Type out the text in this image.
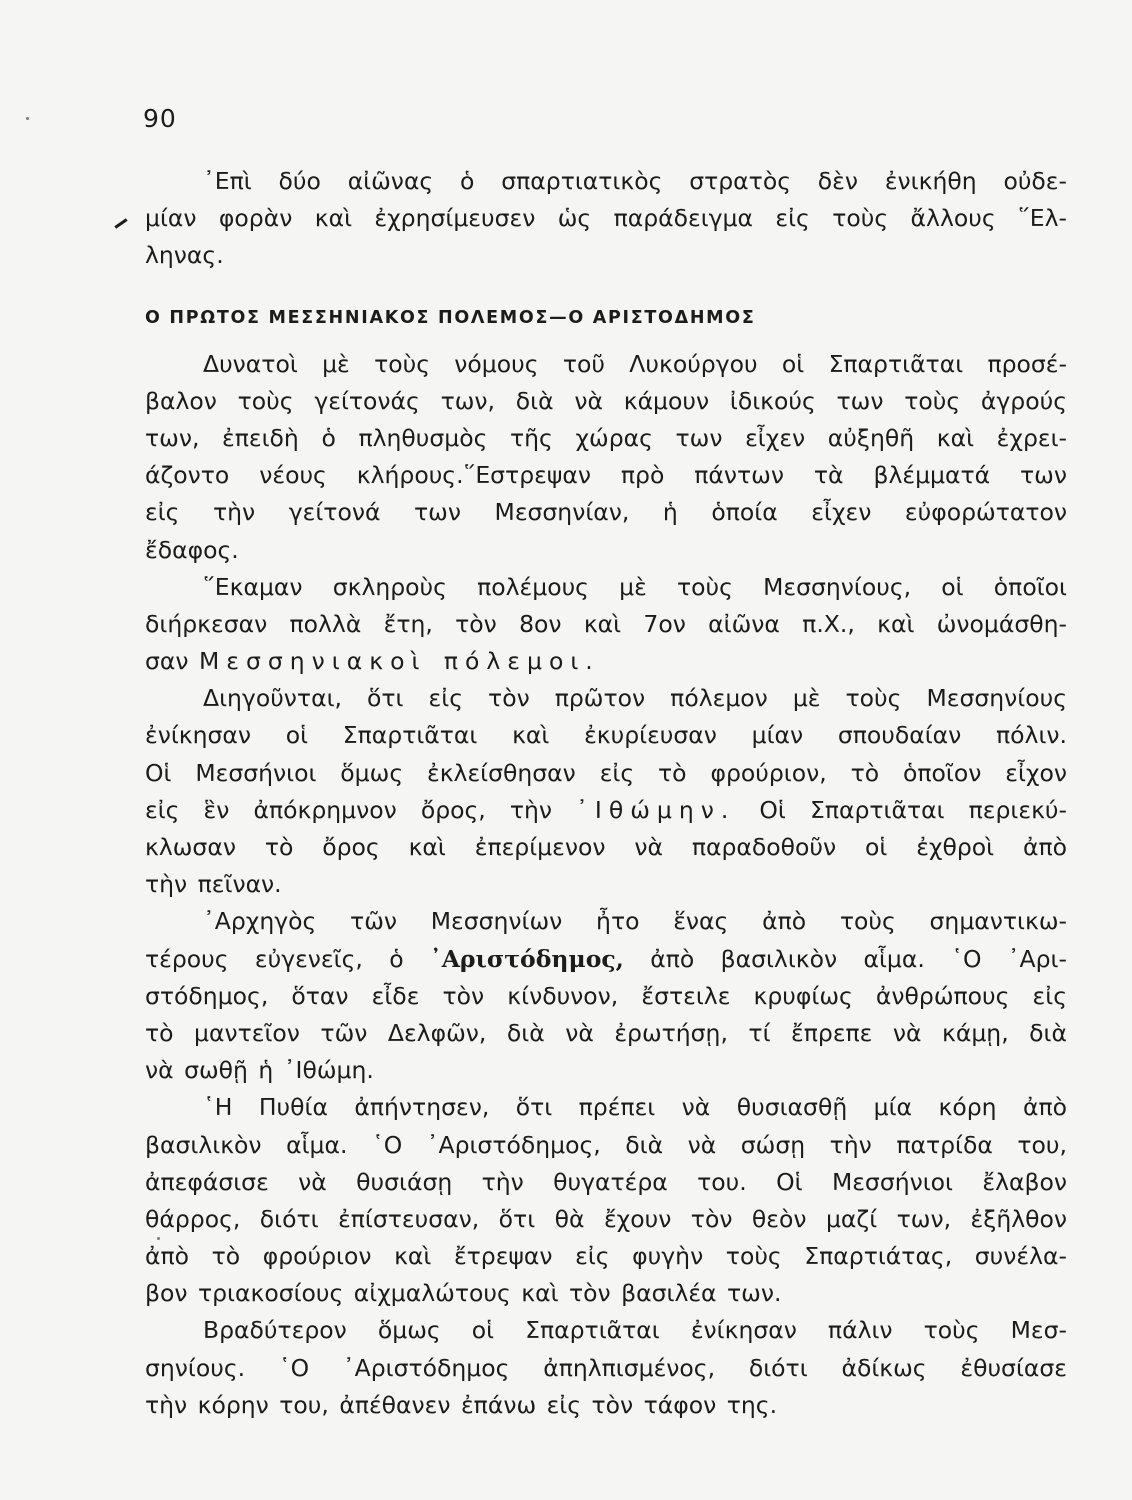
90
᾽Επὶ δύο αἰῶνας ὁ σπαρτιατικὸς στρατὸς δὲν ἐνικήθη οὐδε-
μίαν φορὰν καὶ ἐχρησίμευσεν ὡς παράδειγμα εἰς τοὺς ἄλλους ῞Ελ-
ληνας.
Ο ΠΡΩΤΟΣ ΜΕΣΣΗΝΙΑΚΟΣ ΠΟΛΕΜΟΣ—Ο ΑΡΙΣΤΟΔΗΜΟΣ
Δυνατοὶ μὲ τοὺς νόμους τοῦ Λυκούργου οἱ Σπαρτιᾶται προσέ-
βαλον τοὺς γείτονάς των, διὰ νὰ κάμουν ἰδικούς των τοὺς ἀγρούς
των, ἐπειδὴ ὁ πληθυσμὸς τῆς χώρας των εἶχεν αὐξηθῆ καὶ ἐχρει-
άζοντο νέους κλήρους.῞Εστρεψαν πρὸ πάντων τὰ βλέμματά των
εἰς τὴν γείτονά των Μεσσηνίαν, ἡ ὁποία εἶχεν εὐφορώτατον
ἔδαφος.
῞Εκαμαν σκληροὺς πολέμους μὲ τοὺς Μεσσηνίους, οἱ ὁποῖοι
διήρκεσαν πολλὰ ἔτη, τὸν 8ον καὶ 7ον αἰῶνα π.Χ., καὶ ὠνομάσθη-
σαν Μεσσηνιακοὶ πόλεμοι.
Διηγοῦνται, ὅτι εἰς τὸν πρῶτον πόλεμον μὲ τοὺς Μεσσηνίους
ἐνίκησαν οἱ Σπαρτιᾶται καὶ ἐκυρίευσαν μίαν σπουδαίαν πόλιν.
Οἱ Μεσσήνιοι ὅμως ἐκλείσθησαν εἰς τὸ φρούριον, τὸ ὁποῖον εἶχον
εἰς ἓν ἀπόκρημνον ὄρος, τὴν ᾽Ιθώμην. Οἱ Σπαρτιᾶται περιεκύ-
κλωσαν τὸ ὄρος καὶ ἐπερίμενον νὰ παραδοθοῦν οἱ ἐχθροὶ ἀπὸ
τὴν πεῖναν.
᾽Αρχηγὸς τῶν Μεσσηνίων ἦτο ἕνας ἀπὸ τοὺς σημαντικω-
τέρους εὐγενεῖς, ὁ ᾽Αριστόδημος, ἀπὸ βασιλικὸν αἷμα. ῾Ο ᾽Αρι-
στόδημος, ὅταν εἶδε τὸν κίνδυνον, ἔστειλε κρυφίως ἀνθρώπους εἰς
τὸ μαντεῖον τῶν Δελφῶν, διὰ νὰ ἐρωτήσῃ, τί ἔπρεπε νὰ κάμῃ, διὰ
νὰ σωθῇ ἡ ᾽Ιθώμη.
῾Η Πυθία ἀπήντησεν, ὅτι πρέπει νὰ θυσιασθῇ μία κόρη ἀπὸ
βασιλικὸν αἷμα. ῾Ο ᾽Αριστόδημος, διὰ νὰ σώσῃ τὴν πατρίδα του,
ἀπεφάσισε νὰ θυσιάσῃ τὴν θυγατέρα του. Οἱ Μεσσήνιοι ἔλαβον
θάρρος, διότι ἐπίστευσαν, ὅτι θὰ ἔχουν τὸν θεὸν μαζί των, ἐξῆλθον
ἀπὸ τὸ φρούριον καὶ ἔτρεψαν εἰς φυγὴν τοὺς Σπαρτιάτας, συνέλα-
βον τριακοσίους αἰχμαλώτους καὶ τὸν βασιλέα των.
Βραδύτερον ὅμως οἱ Σπαρτιᾶται ἐνίκησαν πάλιν τοὺς Μεσ-
σηνίους. ῾Ο ᾽Αριστόδημος ἀπηλπισμένος, διότι ἀδίκως ἐθυσίασε
τὴν κόρην του, ἀπέθανεν ἐπάνω εἰς τὸν τάφον της.
